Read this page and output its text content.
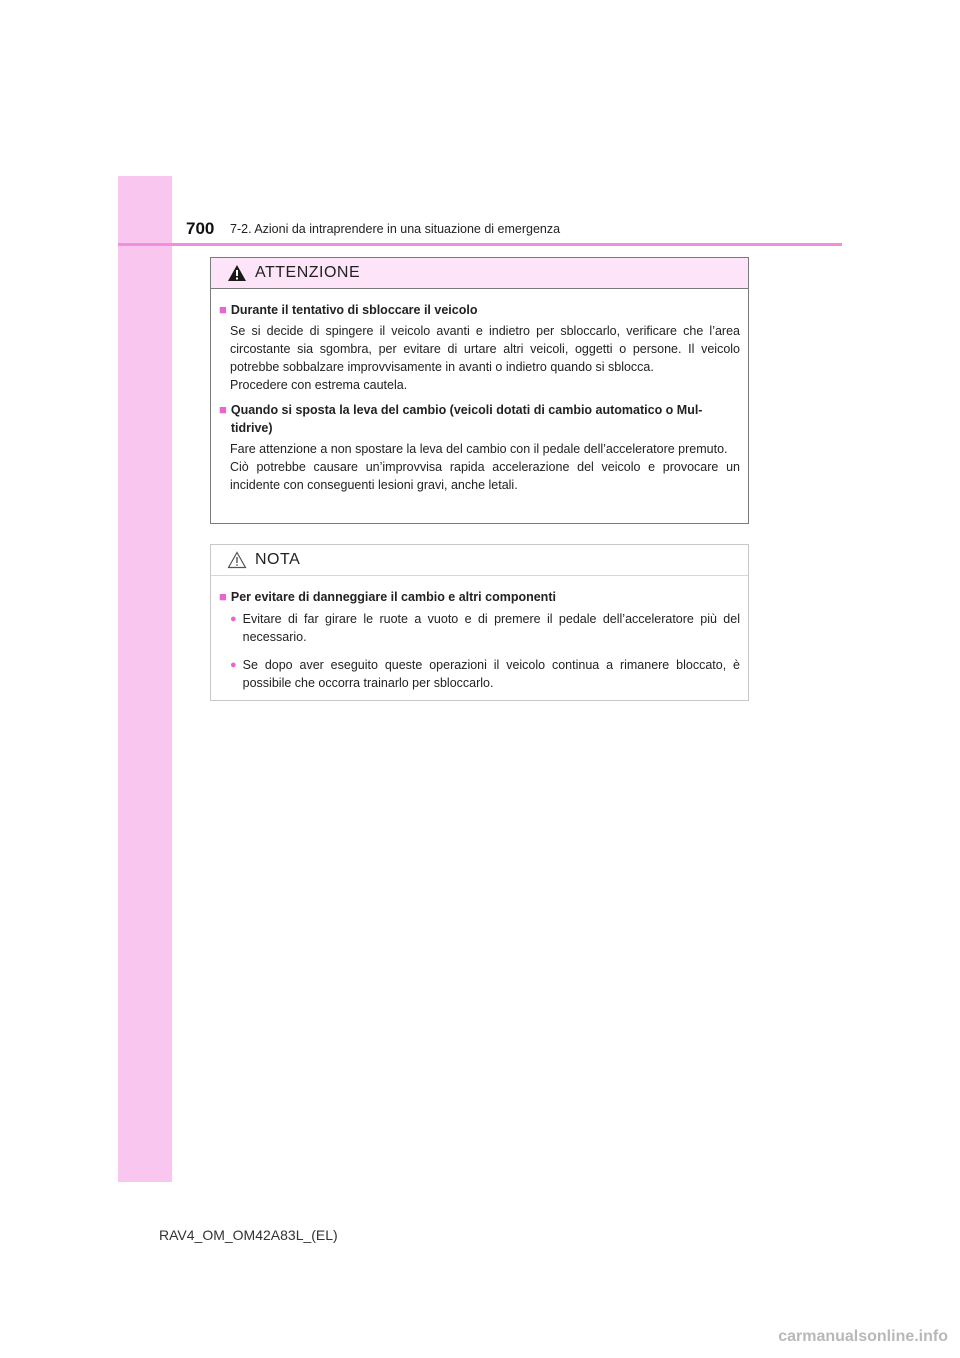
700 7-2. Azioni da intraprendere in una situazione di emergenza
ATTENZIONE
■ Durante il tentativo di sbloccare il veicolo
Se si decide di spingere il veicolo avanti e indietro per sbloccarlo, verificare che l’area circostante sia sgombra, per evitare di urtare altri veicoli, oggetti o persone. Il veicolo potrebbe sobbalzare improvvisamente in avanti o indietro quando si sblocca.
Procedere con estrema cautela.
■ Quando si sposta la leva del cambio (veicoli dotati di cambio automatico o Mul-tidrive)
Fare attenzione a non spostare la leva del cambio con il pedale dell’acceleratore premuto.
Ciò potrebbe causare un’improvvisa rapida accelerazione del veicolo e provocare un incidente con conseguenti lesioni gravi, anche letali.
NOTA
■ Per evitare di danneggiare il cambio e altri componenti
● Evitare di far girare le ruote a vuoto e di premere il pedale dell’acceleratore più del necessario.
● Se dopo aver eseguito queste operazioni il veicolo continua a rimanere bloccato, è possibile che occorra trainarlo per sbloccarlo.
RAV4_OM_OM42A83L_(EL)
carmanualsonline.info
